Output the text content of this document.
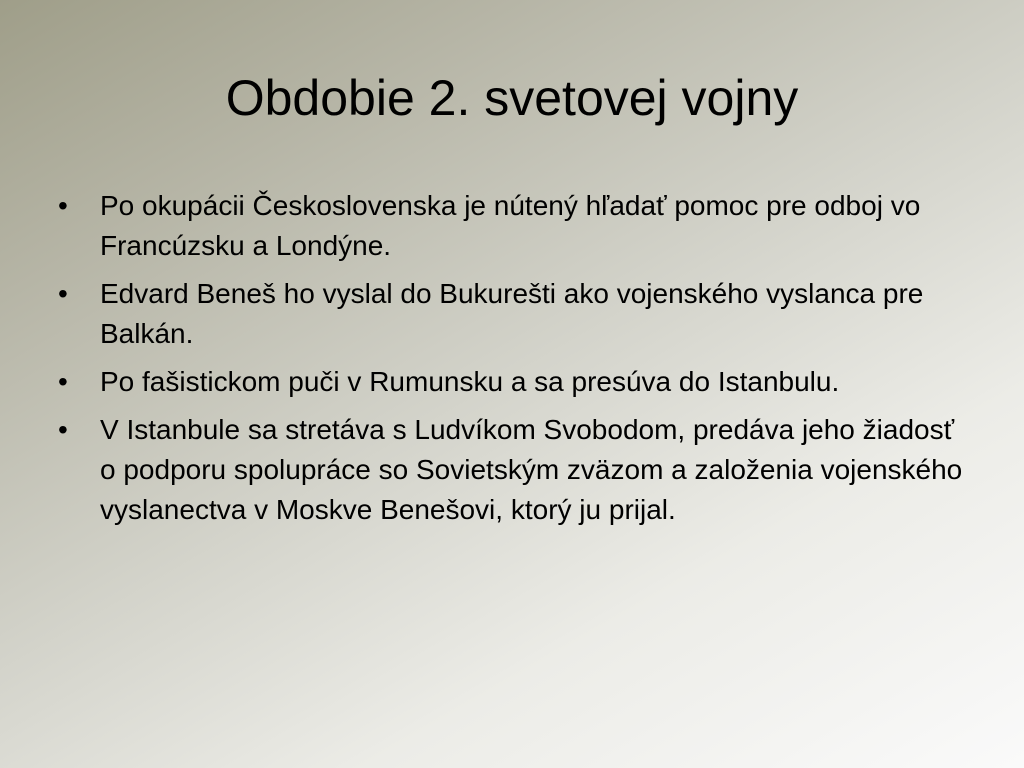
Obdobie 2. svetovej vojny
•	Po okupácii Československa je nútený hľadať pomoc pre odboj vo Francúzsku a Londýne.
•	Edvard Beneš ho vyslal do Bukurešti ako vojenského vyslanca pre Balkán.
•	Po fašistickom puči v Rumunsku a sa presúva do Istanbulu.
•	V Istanbule sa stretáva s Ludvíkom Svobodom, predáva jeho žiadosť o podporu spolupráce so Sovietským zväzom a založenia vojenského vyslanectva v Moskve Benešovi, ktorý ju prijal.
